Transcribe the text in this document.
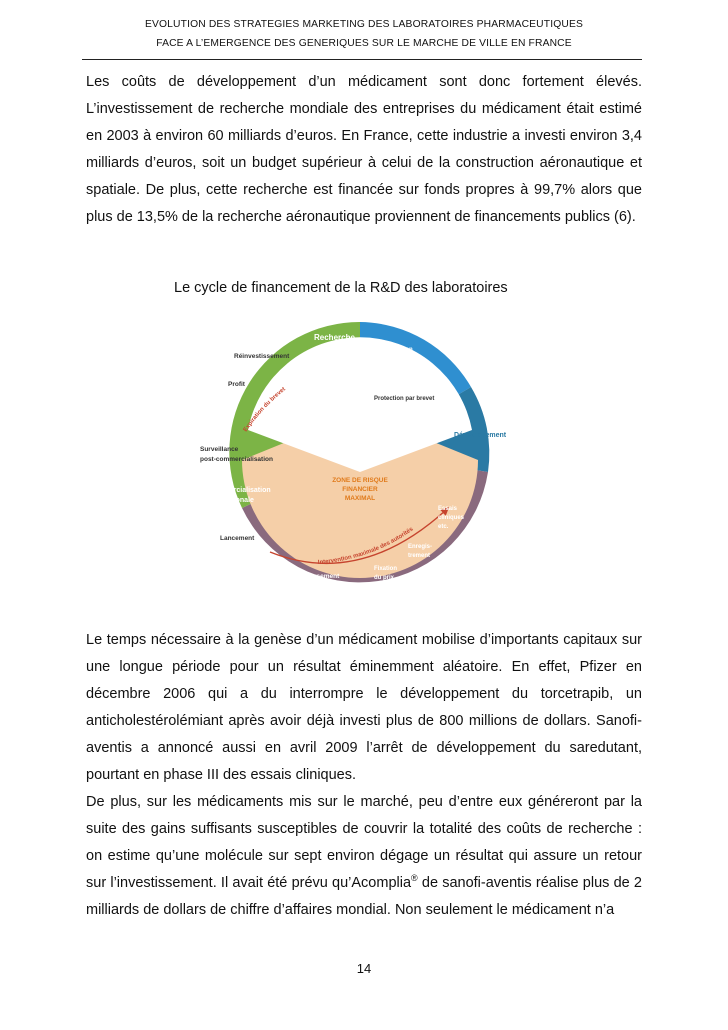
EVOLUTION DES STRATEGIES MARKETING DES LABORATOIRES PHARMACEUTIQUES
FACE A L’EMERGENCE DES GENERIQUES SUR LE MARCHE DE VILLE EN FRANCE

Les coûts de développement d’un médicament sont donc fortement élevés. L’investissement de recherche mondiale des entreprises du médicament était estimé en 2003 à environ 60 milliards d’euros. En France, cette industrie a investi environ 3,4 milliards d’euros, soit un budget supérieur à celui de la construction aéronautique et spatiale. De plus, cette recherche est financée sur fonds propres à 99,7% alors que plus de 13,5% de la recherche aéronautique proviennent de financements publics (6).

Le cycle de financement de la R&D des laboratoires

Recherche
Découverte-sélection
Protection par brevet
Développement
Essais
cliniques
etc.
Enregis-
trement
Fixation
du prix
Remboursement
Lancement
Commercialisation
internationale
Surveillance
post-commercialisation
Profit
Réinvestissement
Expiration du brevet
Intervention maximale des autorités
ZONE DE RISQUE
FINANCIER
MAXIMAL

Le temps nécessaire à la genèse d’un médicament mobilise d’importants capitaux sur une longue période pour un résultat éminemment aléatoire. En effet, Pfizer en décembre 2006 qui a du interrompre le développement du torcetrapib, un anticholestérolémiant après avoir déjà investi plus de 800 millions de dollars. Sanofi-aventis a annoncé aussi en avril 2009 l’arrêt de développement du saredutant, pourtant en phase III des essais cliniques.

De plus, sur les médicaments mis sur le marché, peu d’entre eux généreront par la suite des gains suffisants susceptibles de couvrir la totalité des coûts de recherche : on estime qu’une molécule sur sept environ dégage un résultat qui assure un retour sur l’investissement. Il avait été prévu qu’Acomplia® de sanofi-aventis réalise plus de 2 milliards de dollars de chiffre d’affaires mondial. Non seulement le médicament n’a

14
